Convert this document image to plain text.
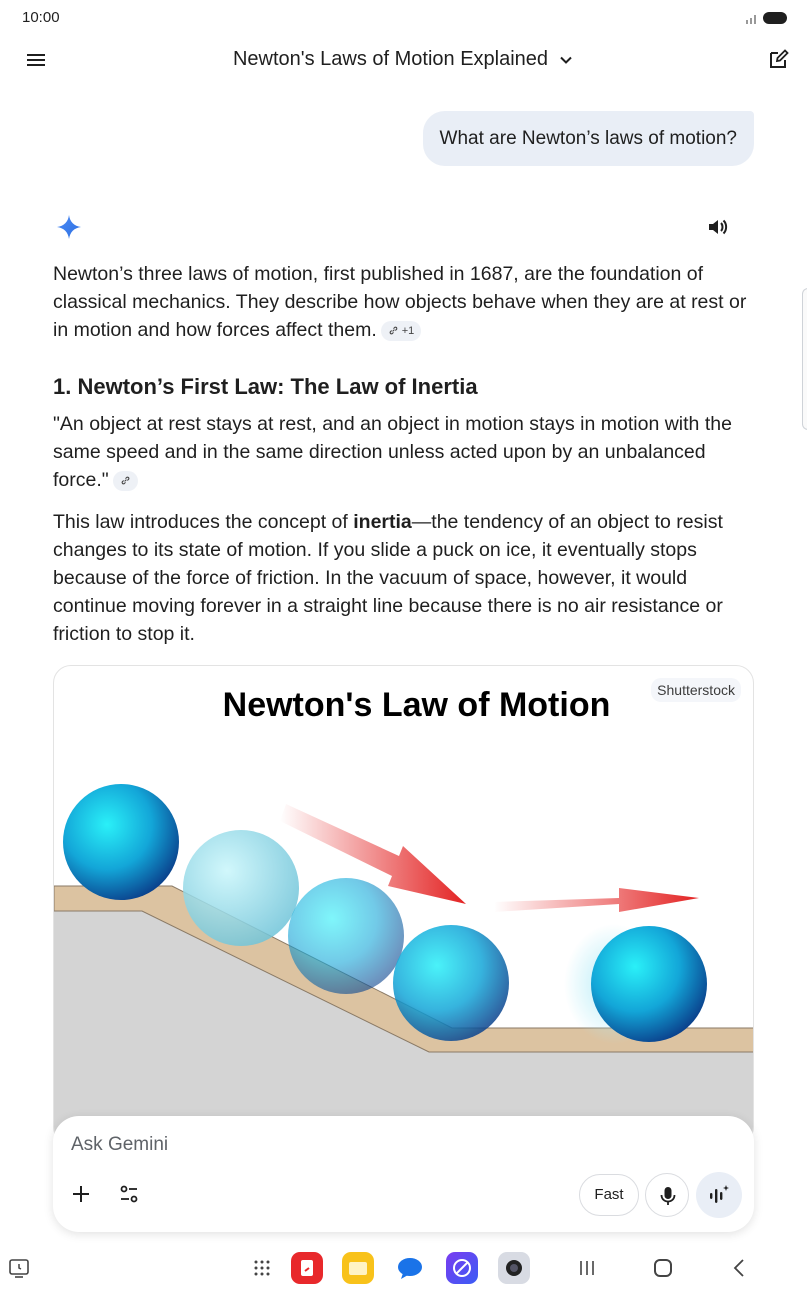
10:00
Newton's Laws of Motion Explained
What are Newton’s laws of motion?

Newton’s three laws of motion, first published in 1687, are the foundation of classical mechanics. They describe how objects behave when they are at rest or in motion and how forces affect them. +1

1. Newton’s First Law: The Law of Inertia

"An object at rest stays at rest, and an object in motion stays in motion with the same speed and in the same direction unless acted upon by an unbalanced force."

This law introduces the concept of inertia—the tendency of an object to resist changes to its state of motion. If you slide a puck on ice, it eventually stops because of the force of friction. In the vacuum of space, however, it would continue moving forever in a straight line because there is no air resistance or friction to stop it.

Newton's Law of Motion	Shutterstock
Ask Gemini
Fast
